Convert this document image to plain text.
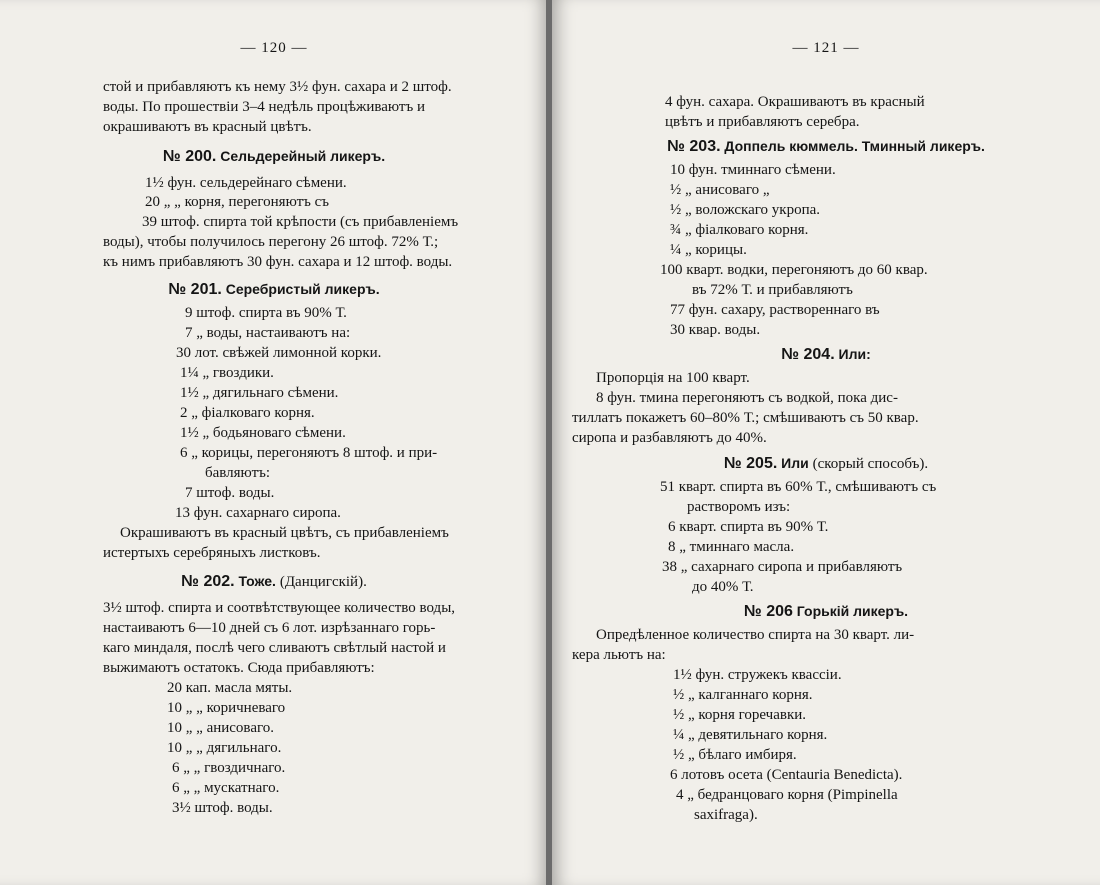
— 120 —
стой и прибавляютъ къ нему 3½ фун. сахара и 2 штоф.
воды. По прошествіи 3–4 недѣль процѣживаютъ и
окрашиваютъ въ красный цвѣтъ.
№ 200. Сельдерейный ликеръ.
1½ фун. сельдерейнаго сѣмени.
20 „ „ корня, перегоняютъ съ
39 штоф. спирта той крѣпости (съ прибавленіемъ
воды), чтобы получилось перегону 26 штоф. 72% Т.;
къ нимъ прибавляютъ 30 фун. сахара и 12 штоф. воды.
№ 201. Серебристый ликеръ.
9 штоф. спирта въ 90% Т.
7 „ воды, настаиваютъ на:
30 лот. свѣжей лимонной корки.
1¼ „ гвоздики.
1½ „ дягильнаго сѣмени.
2 „ фіалковаго корня.
1½ „ бодьяноваго сѣмени.
6 „ корицы, перегоняютъ 8 штоф. и при-
бавляютъ:
7 штоф. воды.
13 фун. сахарнаго сиропа.
Окрашиваютъ въ красный цвѣтъ, съ прибавленіемъ
истертыхъ серебряныхъ листковъ.
№ 202. Тоже. (Данцигскій).
3½ штоф. спирта и соотвѣтствующее количество воды,
настаиваютъ 6—10 дней съ 6 лот. изрѣзаннаго горь-
каго миндаля, послѣ чего сливаютъ свѣтлый настой и
выжимаютъ остатокъ. Сюда прибавляютъ:
20 кап. масла мяты.
10 „ „ коричневаго
10 „ „ анисоваго.
10 „ „ дягильнаго.
6 „ „ гвоздичнаго.
6 „ „ мускатнаго.
3½ штоф. воды.
— 121 —
4 фун. сахара. Окрашиваютъ въ красный
цвѣтъ и прибавляютъ серебра.
№ 203. Доппель кюммель. Тминный ликеръ.
10 фун. тминнаго сѣмени.
½ „ анисоваго „
½ „ воложскаго укропа.
¾ „ фіалковаго корня.
¼ „ корицы.
100 кварт. водки, перегоняютъ до 60 квар.
въ 72% Т. и прибавляютъ
77 фун. сахару, раствореннаго въ
30 квар. воды.
№ 204. Или:
Пропорція на 100 кварт.
8 фун. тмина перегоняютъ съ водкой, пока дис-
тиллатъ покажетъ 60–80% Т.; смѣшиваютъ съ 50 квар.
сиропа и разбавляютъ до 40%.
№ 205. Или (скорый способъ).
51 кварт. спирта въ 60% Т., смѣшиваютъ съ
растворомъ изъ:
6 кварт. спирта въ 90% Т.
8 „ тминнаго масла.
38 „ сахарнаго сиропа и прибавляютъ
до 40% Т.
№ 206 Горькій ликеръ.
Опредѣленное количество спирта на 30 кварт. ли-
кера льютъ на:
1½ фун. стружекъ квассіи.
½ „ калганнаго корня.
½ „ корня горечавки.
¼ „ девятильнаго корня.
½ „ бѣлаго имбиря.
6 лотовъ осета (Centauria Benedicta).
4 „ бедранцоваго корня (Pimpinella
saxifraga).
